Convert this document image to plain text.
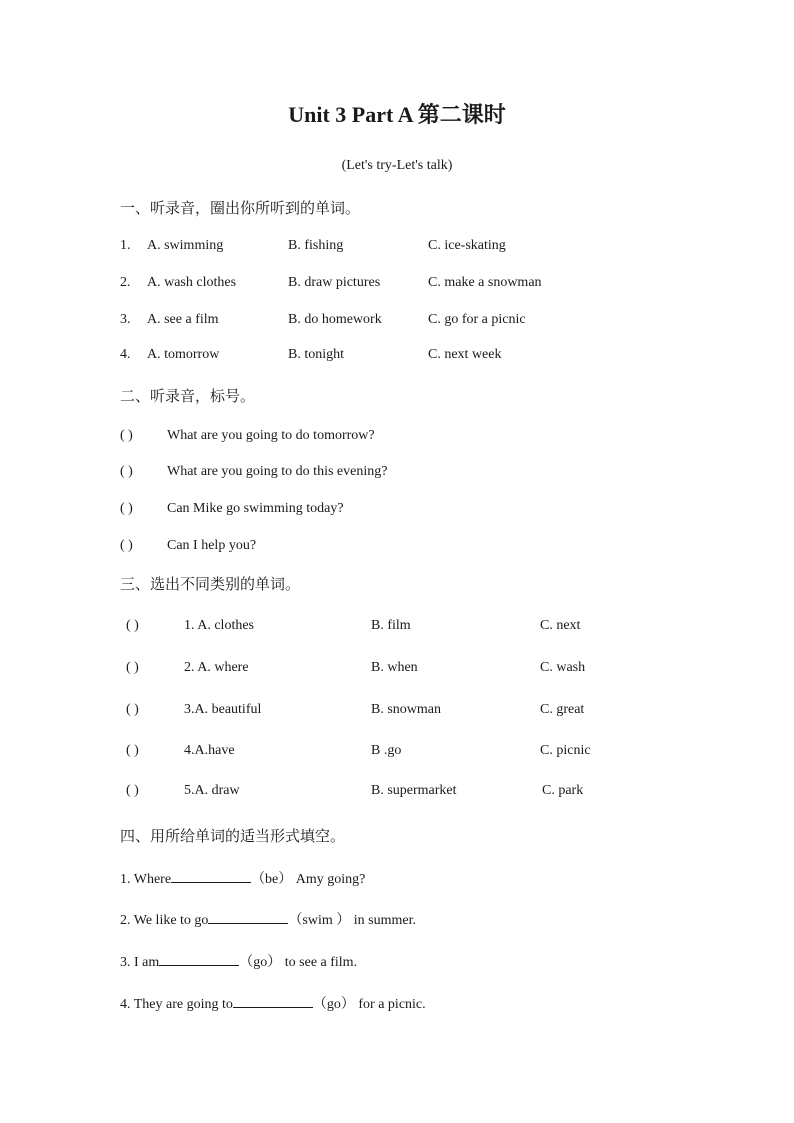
Unit 3 Part A 第二课时
(Let's try-Let's talk)
一、听录音，圈出你所听到的单词。
1. A. swimming	B. fishing	C. ice-skating
2. A. wash clothes	B. draw pictures	C. make a snowman
3. A. see a film	B. do homework	C. go for a picnic
4. A. tomorrow	B. tonight	C. next week
二、听录音，标号。
( ) What are you going to do tomorrow?
( ) What are you going to do this evening?
( ) Can Mike go swimming today?
( ) Can I help you?
三、选出不同类别的单词。
( )	1. A. clothes	B. film	C. next
( )	2. A. where	B. when	C. wash
( )	3.A. beautiful	B. snowman	C. great
( )	4.A.have	B .go	C. picnic
( )	5.A. draw	B. supermarket	C. park
四、用所给单词的适当形式填空。
1. Where	（be） Amy going?
2. We like to go	（swim ） in summer.
3. I am	（go） to see a film.
4. They are going to	（go） for a picnic.
